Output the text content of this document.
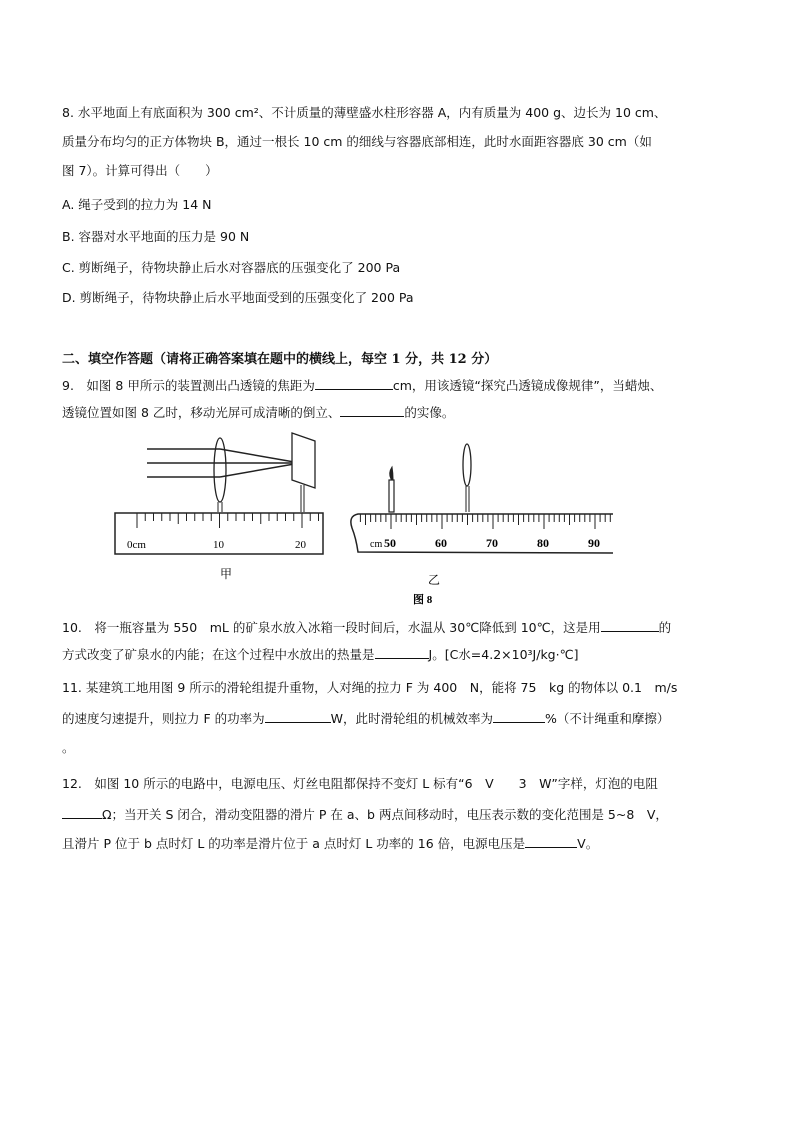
8. 水平地面上有底面积为 300 cm²、不计质量的薄壁盛水柱形容器 A，内有质量为 400 g、边长为 10 cm、
质量分布均匀的正方体物块 B，通过一根长 10 cm 的细线与容器底部相连，此时水面距容器底 30 cm（如
图 7）。计算可得出（　　）
A. 绳子受到的拉力为 14 N
B. 容器对水平地面的压力是 90 N
C. 剪断绳子，待物块静止后水对容器底的压强变化了 200 Pa
D. 剪断绳子，待物块静止后水平地面受到的压强变化了 200 Pa
二、填空作答题（请将正确答案填在题中的横线上，每空 1 分，共 12 分）
9.　如图 8 甲所示的装置测出凸透镜的焦距为	cm，用该透镜“探究凸透镜成像规律”，当蜡烛、
透镜位置如图 8 乙时，移动光屏可成清晰的倒立、	的实像。
0cm	10	20
甲
cm 50	60	70	80	90
乙
图 8
10.　将一瓶容量为 550　mL 的矿泉水放入冰箱一段时间后，水温从 30℃降低到 10℃，这是用	的
方式改变了矿泉水的内能；在这个过程中水放出的热量是	J。[C水=4.2×10³J/kg·℃]
11. 某建筑工地用图 9 所示的滑轮组提升重物，人对绳的拉力 F 为 400　N，能将 75　kg 的物体以 0.1　m/s
的速度匀速提升，则拉力 F 的功率为	W，此时滑轮组的机械效率为	%（不计绳重和摩擦）
。
12.　如图 10 所示的电路中，电源电压、灯丝电阻都保持不变灯 L 标有“6　V　　3　W”字样，灯泡的电阻
Ω；当开关 S 闭合，滑动变阻器的滑片 P 在 a、b 两点间移动时，电压表示数的变化范围是 5~8　V，
且滑片 P 位于 b 点时灯 L 的功率是滑片位于 a 点时灯 L 功率的 16 倍，电源电压是	V。
